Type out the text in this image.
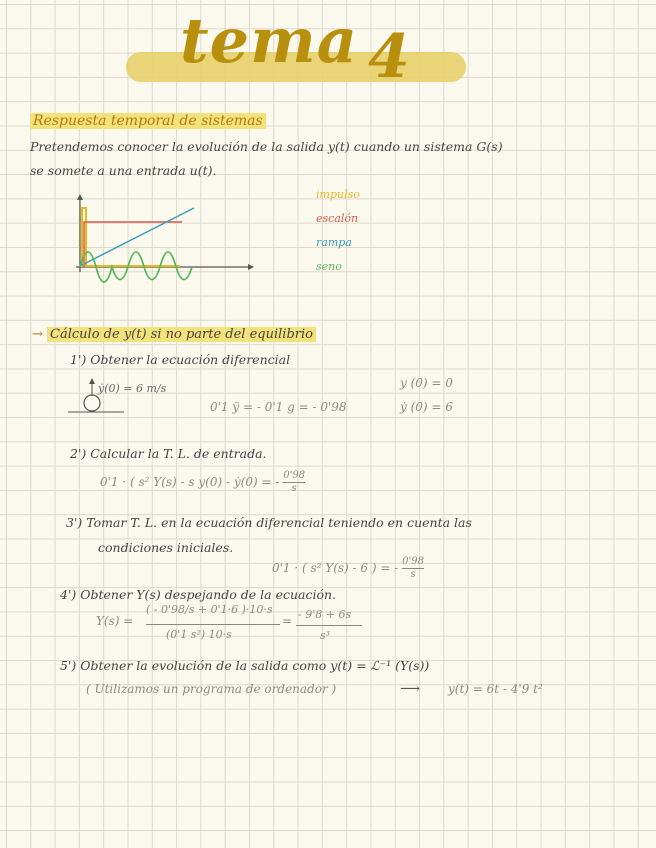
tema 4
Respuesta temporal de sistemas
Pretendemos conocer la evolución de la salida y(t) cuando un sistema G(s)
se somete a una entrada u(t).
impulso
escalón
rampa
seno
→ Cálculo de y(t) si no parte del equilibrio
1') Obtener la ecuación diferencial
ẏ(0) = 6 m/s
0'1 ÿ = - 0'1 g = - 0'98
y (0) = 0
ẏ (0) = 6
2') Calcular la T. L. de entrada.
0'1 · ( s² Y(s) - s y(0) - ẏ(0) = - $\frac{0'98}{s}$
3') Tomar T. L. en la ecuación diferencial teniendo en cuenta las
condiciones iniciales.
0'1 · ( s² Y(s) - 6 ) = - $\frac{0'98}{s}$
4') Obtener Y(s) despejando de la ecuación.
Y(s) =
( - 0'98/s + 0'1·6 )·10·s
(0'1 s²) 10·s
= - 9'8 + 6s
s³
5') Obtener la evolución de la salida como y(t) = ℒ⁻¹ (Y(s))
( Utilizamos un programa de ordenador )	⟶ y(t) = 6t - 4'9 t²
